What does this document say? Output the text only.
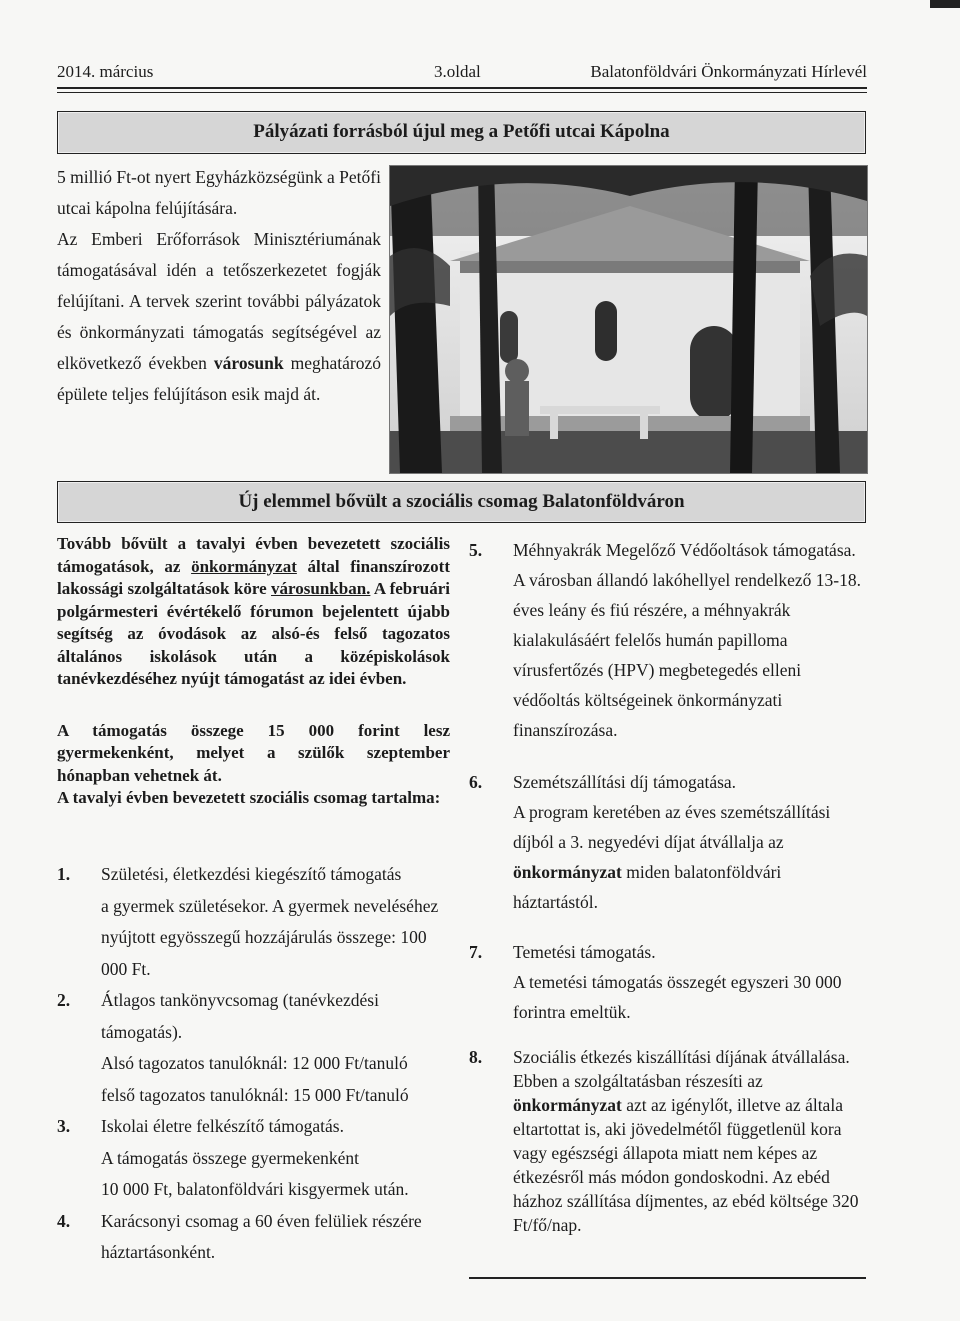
2014. március	3.oldal	Balatonföldvári Önkormányzati Hírlevél
Pályázati forrásból újul meg a Petőfi utcai Kápolna

5 millió Ft-ot nyert Egyházközségünk a Petőfi utcai kápolna felújítására.

Az Emberi Erőforrások Minisztériumának támogatásával idén a tetőszerkezetet fogják felújítani. A tervek szerint további pályázatok és önkormányzati támogatás segítségével az elkövetkező években városunk meghatározó épülete teljes felújításon esik majd át.

Új elemmel bővült a szociális csomag Balatonföldváron

Tovább bővült a tavalyi évben bevezetett szociális támogatások, az önkormányzat által finanszírozott lakossági szolgáltatások köre városunkban. A februári polgármesteri évértékelő fórumon bejelentett újabb segítség az óvodások az alsó-és felső tagozatos általános iskolások után a középiskolások tanévkezdéséhez nyújt támogatást az idei évben.

A támogatás összege 15 000 forint lesz gyermekenként, melyet a szülők szeptember hónapban vehetnek át.

A tavalyi évben bevezetett szociális csomag tartalma:

1. Születési, életkezdési kiegészítő támogatás

a gyermek születésekor. A gyermek neveléséhez nyújtott egyösszegű hozzájárulás összege: 100 000 Ft.

2. Átlagos tankönyvcsomag (tanévkezdési támogatás).

Alsó tagozatos tanulóknál: 12 000 Ft/tanuló

felső tagozatos tanulóknál: 15 000 Ft/tanuló

3. Iskolai életre felkészítő támogatás.

A támogatás összege gyermekenként

10 000 Ft, balatonföldvári kisgyermek után.

4. Karácsonyi csomag a 60 éven felüliek részére háztartásonként.

5. Méhnyakrák Megelőző Védőoltások támogatása.

A városban állandó lakóhellyel rendelkező 13-18. éves leány és fiú részére, a méhnyakrák kialakulásáért felelős humán papilloma vírusfertőzés (HPV) megbetegedés elleni védőoltás költségeinek önkormányzati finanszírozása.

6. Szemétszállítási díj támogatása.

A program keretében az éves szemétszállítási díjból a 3. negyedévi díjat átvállalja az önkormányzat miden balatonföldvári háztartástól.

7. Temetési támogatás.

A temetési támogatás összegét egyszeri 30 000 forintra emeltük.

8. Szociális étkezés kiszállítási díjának átvállalása.

Ebben a szolgáltatásban részesíti az önkormányzat azt az igénylőt, illetve az általa eltartottat is, aki jövedelmétől függetlenül kora vagy egészségi állapota miatt nem képes az étkezésről más módon gondoskodni. Az ebéd házhoz szállítása díjmentes, az ebéd költsége 320 Ft/fő/nap.
